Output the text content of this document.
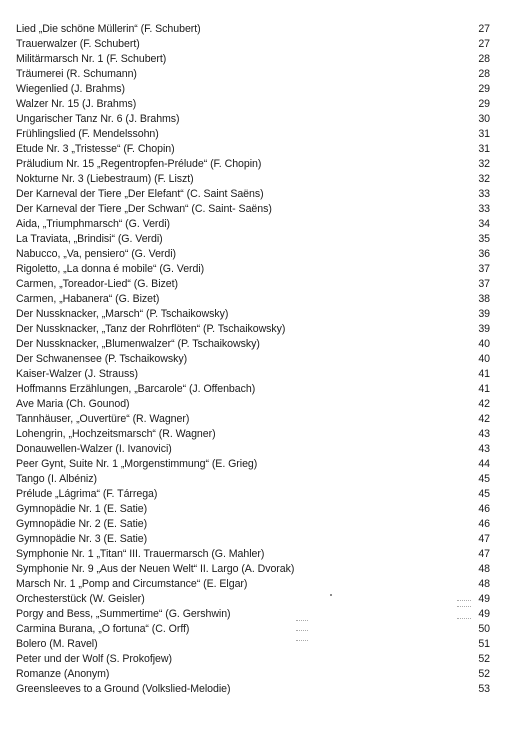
Lied „Die schöne Müllerin“ (F. Schubert)	27
Trauerwalzer (F. Schubert)	27
Militärmarsch Nr. 1 (F. Schubert)	28
Träumerei (R. Schumann)	28
Wiegenlied (J. Brahms)	29
Walzer Nr. 15 (J. Brahms)	29
Ungarischer Tanz Nr. 6 (J. Brahms)	30
Frühlingslied (F. Mendelssohn)	31
Etude Nr. 3 „Tristesse“ (F. Chopin)	31
Präludium Nr. 15 „Regentropfen-Prélude“ (F. Chopin)	32
Nokturne Nr. 3 (Liebestraum) (F. Liszt)	32
Der Karneval der Tiere „Der Elefant“ (C. Saint Saëns)	33
Der Karneval der Tiere „Der Schwan“ (C. Saint- Saëns)	33
Aida, „Triumphmarsch“ (G. Verdi)	34
La Traviata, „Brindisi“ (G. Verdi)	35
Nabucco, „Va, pensiero“ (G. Verdi)	36
Rigoletto, „La donna é mobile“ (G. Verdi)	37
Carmen, „Toreador-Lied“ (G. Bizet)	37
Carmen, „Habanera“ (G. Bizet)	38
Der Nussknacker, „Marsch“ (P. Tschaikowsky)	39
Der Nussknacker, „Tanz der Rohrflöten“ (P. Tschaikowsky)	39
Der Nussknacker, „Blumenwalzer“ (P. Tschaikowsky)	40
Der Schwanensee (P. Tschaikowsky)	40
Kaiser-Walzer (J. Strauss)	41
Hoffmanns Erzählungen, „Barcarole“ (J. Offenbach)	41
Ave Maria (Ch. Gounod)	42
Tannhäuser, „Ouvertüre“ (R. Wagner)	42
Lohengrin, „Hochzeitsmarsch“ (R. Wagner)	43
Donauwellen-Walzer (I. Ivanovici)	43
Peer Gynt, Suite Nr. 1 „Morgenstimmung“ (E. Grieg)	44
Tango (I. Albéniz)	45
Prélude „Lágrima“ (F. Tárrega)	45
Gymnopädie Nr. 1 (E. Satie)	46
Gymnopädie Nr. 2 (E. Satie)	46
Gymnopädie Nr. 3 (E. Satie)	47
Symphonie Nr. 1 „Titan“ III. Trauermarsch (G. Mahler)	47
Symphonie Nr. 9 „Aus der Neuen Welt“ II. Largo (A. Dvorak)	48
Marsch Nr. 1 „Pomp and Circumstance“ (E. Elgar)	48
Orchesterstück (W. Geisler)	49
Porgy and Bess, „Summertime“ (G. Gershwin)	49
Carmina Burana, „O fortuna“ (C. Orff)	50
Bolero (M. Ravel)	51
Peter und der Wolf (S. Prokofjew)	52
Romanze (Anonym)	52
Greensleeves to a Ground (Volkslied-Melodie)	53
